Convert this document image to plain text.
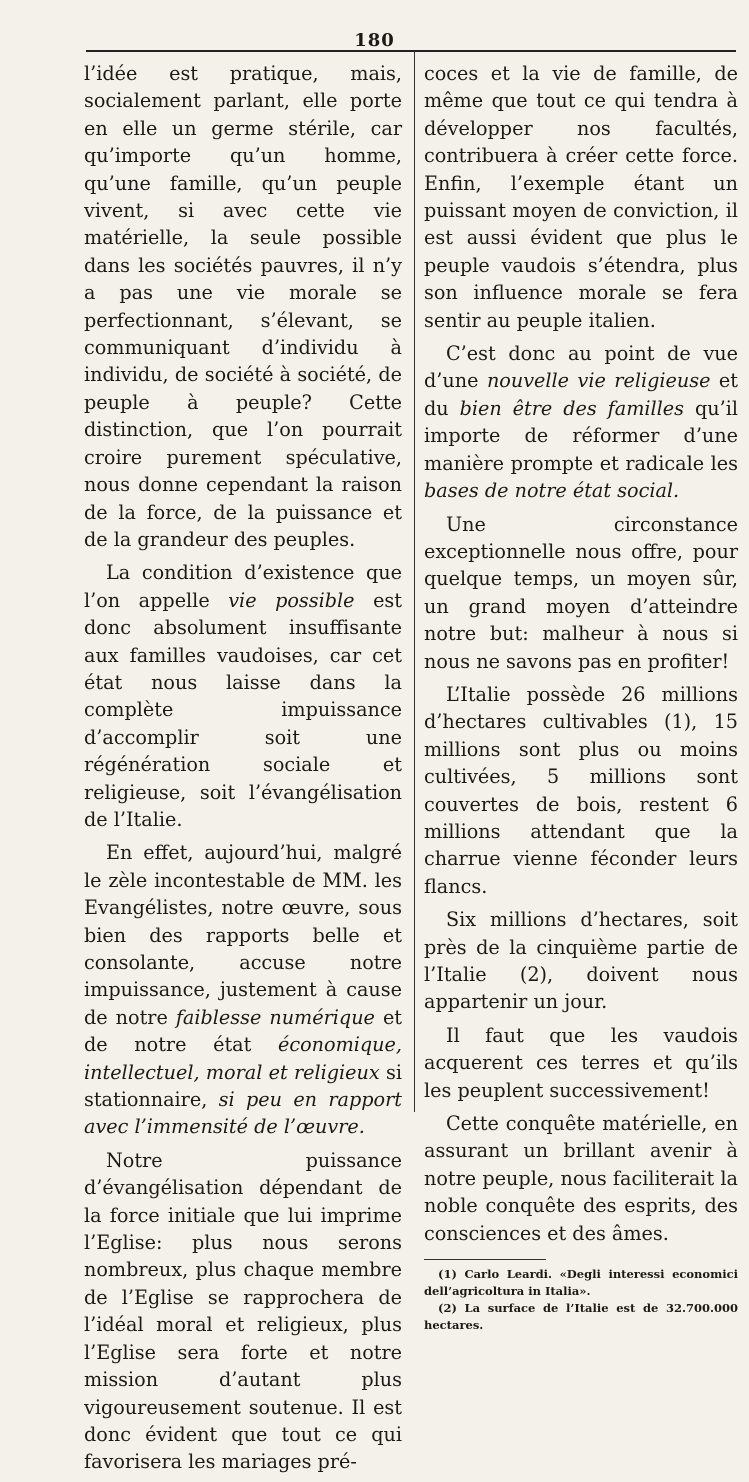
180

l’idée est pratique, mais, socialement parlant, elle porte en elle un germe stérile, car qu’importe qu’un homme, qu’une famille, qu’un peuple vivent, si avec cette vie matérielle, la seule possible dans les sociétés pauvres, il n’y a pas une vie morale se perfectionnant, s’élevant, se communiquant d’individu à individu, de société à société, de peuple à peuple? Cette distinction, que l’on pourrait croire purement spéculative, nous donne cependant la raison de la force, de la puissance et de la grandeur des peuples.

La condition d’existence que l’on appelle vie possible est donc absolument insuffisante aux familles vaudoises, car cet état nous laisse dans la complète impuissance d’accomplir soit une régénération sociale et religieuse, soit l’évangélisation de l’Italie.

En effet, aujourd’hui, malgré le zèle incontestable de MM. les Evangélistes, notre œuvre, sous bien des rapports belle et consolante, accuse notre impuissance, justement à cause de notre faiblesse numérique et de notre état économique, intellectuel, moral et religieux si stationnaire, si peu en rapport avec l’immensité de l’œuvre.

Notre puissance d’évangélisation dépendant de la force initiale que lui imprime l’Eglise: plus nous serons nombreux, plus chaque membre de l’Eglise se rapprochera de l’idéal moral et religieux, plus l’Eglise sera forte et notre mission d’autant plus vigoureusement soutenue. Il est donc évident que tout ce qui favorisera les mariages pré-

coces et la vie de famille, de même que tout ce qui tendra à développer nos facultés, contribuera à créer cette force. Enfin, l’exemple étant un puissant moyen de conviction, il est aussi évident que plus le peuple vaudois s’étendra, plus son influence morale se fera sentir au peuple italien.

C’est donc au point de vue d’une nouvelle vie religieuse et du bien être des familles qu’il importe de réformer d’une manière prompte et radicale les bases de notre état social.

Une circonstance exceptionnelle nous offre, pour quelque temps, un moyen sûr, un grand moyen d’atteindre notre but: malheur à nous si nous ne savons pas en profiter!

L’Italie possède 26 millions d’hectares cultivables (1), 15 millions sont plus ou moins cultivées, 5 millions sont couvertes de bois, restent 6 millions attendant que la charrue vienne féconder leurs flancs.

Six millions d’hectares, soit près de la cinquième partie de l’Italie (2), doivent nous appartenir un jour.

Il faut que les vaudois acquerent ces terres et qu’ils les peuplent successivement!

Cette conquête matérielle, en assurant un brillant avenir à notre peuple, nous faciliterait la noble conquête des esprits, des consciences et des âmes.

(1) Carlo Leardi. «Degli interessi economici dell’agricoltura in Italia».

(2) La surface de l’Italie est de 32.700.000 hectares.
